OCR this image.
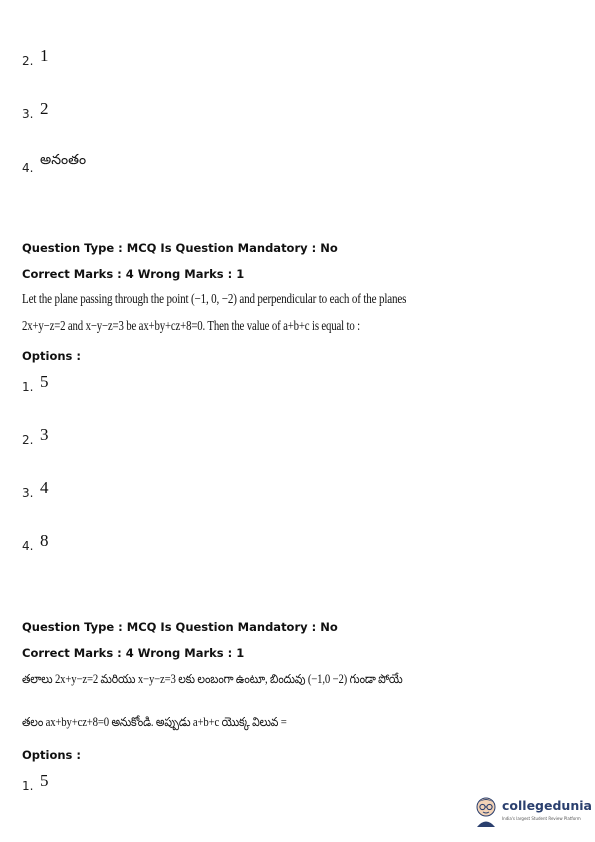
2. 1
3. 2
4. అనంతం
Question Type : MCQ Is Question Mandatory : No
Correct Marks : 4 Wrong Marks : 1
Let the plane passing through the point (−1, 0, −2) and perpendicular to each of the planes
2x+y−z=2 and x−y−z=3 be ax+by+cz+8=0. Then the value of a+b+c is equal to :
Options :
1. 5
2. 3
3. 4
4. 8
Question Type : MCQ Is Question Mandatory : No
Correct Marks : 4 Wrong Marks : 1
తలాలు 2x+y−z=2 మరియు x−y−z=3 లకు లంబంగా ఉంటూ, బిందువు (−1,0 −2) గుండా పోయే
తలం ax+by+cz+8=0 అనుకోండి. అప్పుడు a+b+c యొక్క విలువ =
Options :
1. 5
collegedunia
India's largest Student Review Platform
